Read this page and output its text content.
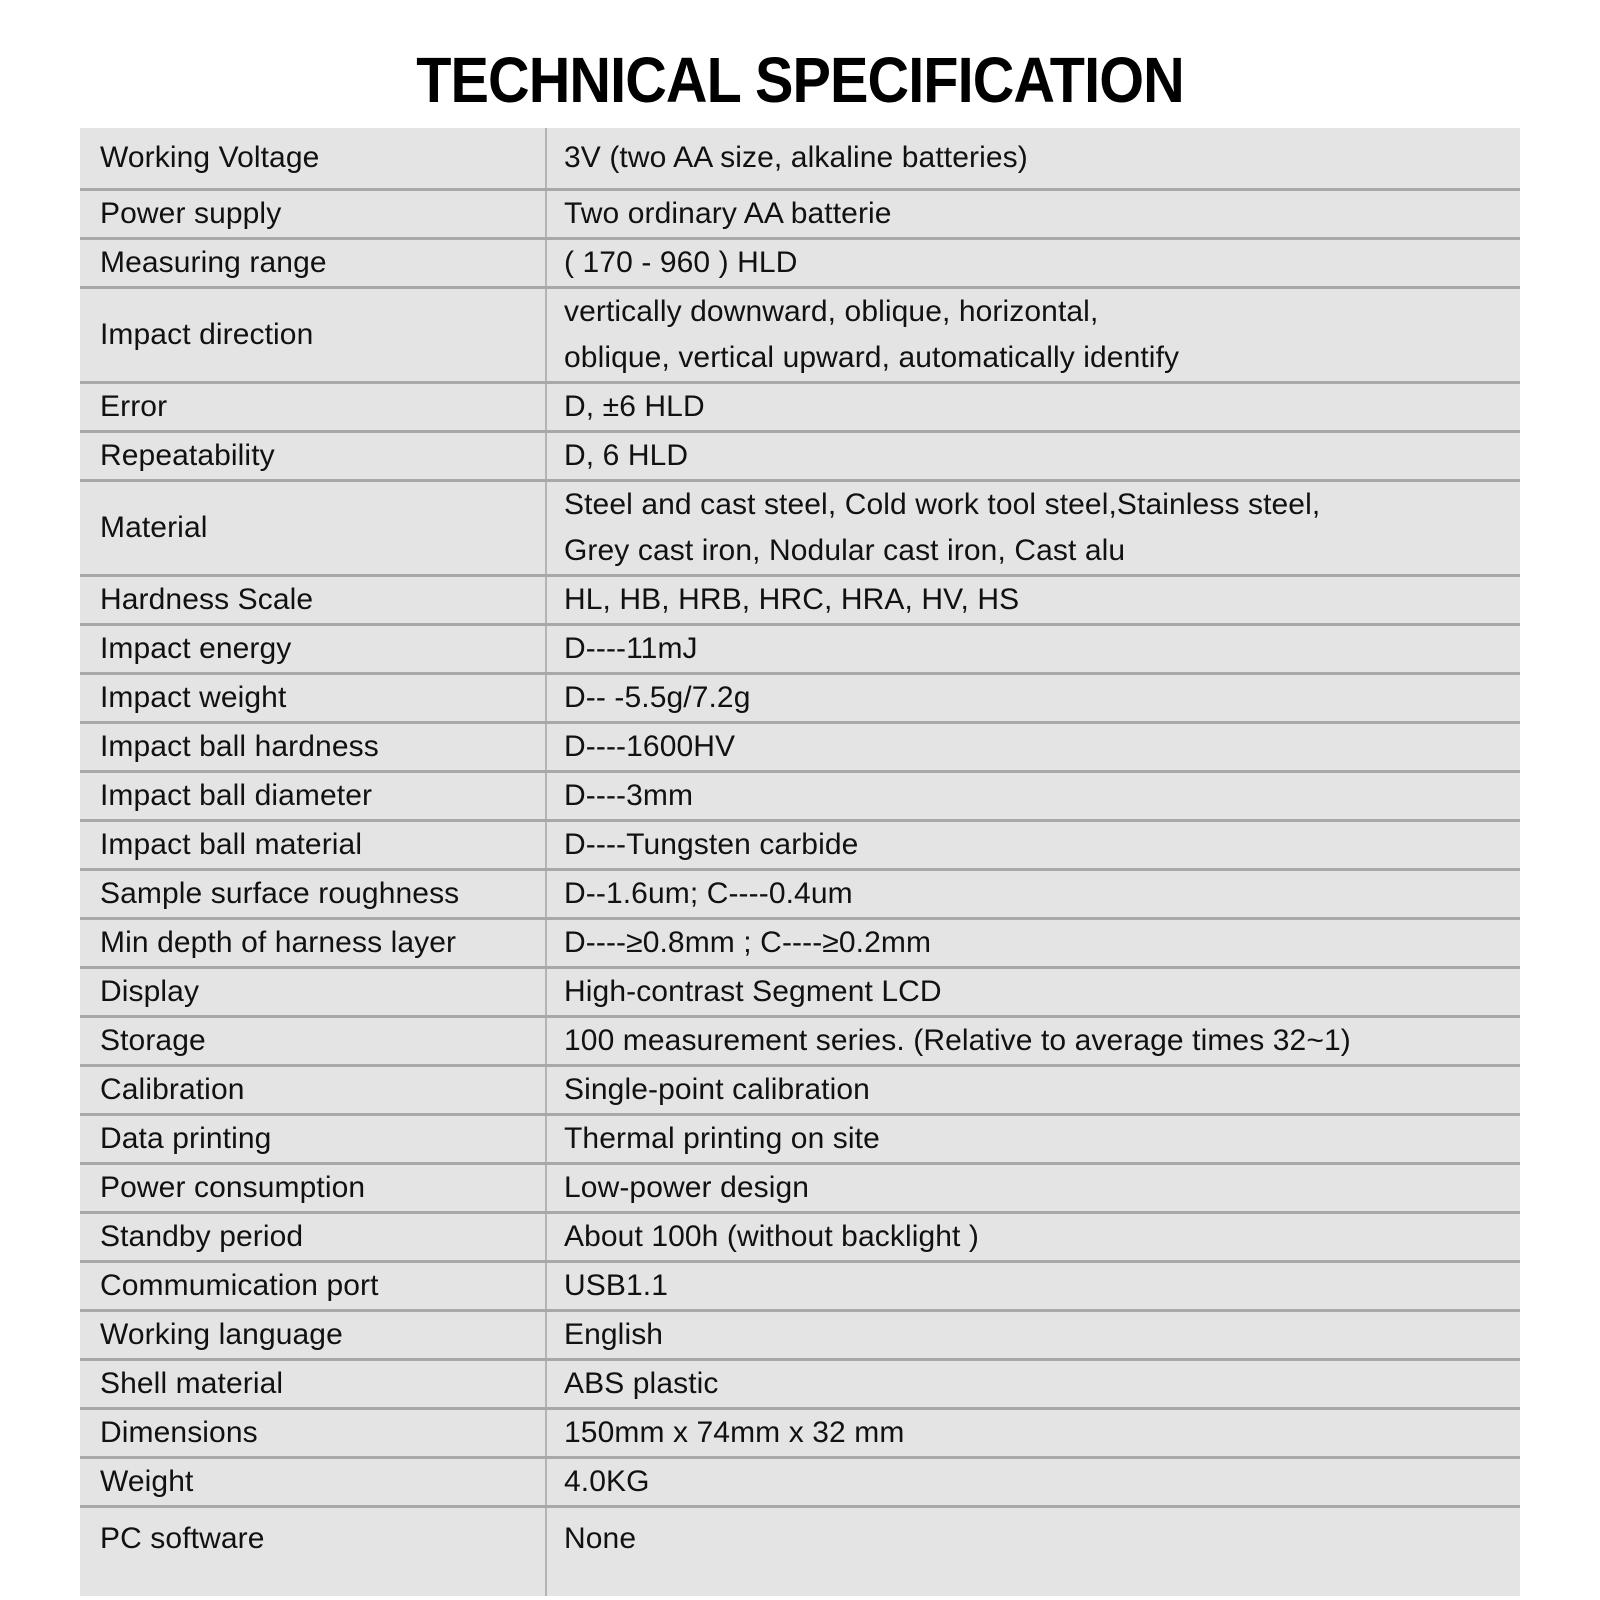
TECHNICAL SPECIFICATION
Working Voltage	3V (two AA size, alkaline batteries)
Power supply	Two ordinary AA batterie
Measuring range	( 170 - 960 ) HLD
Impact direction	vertically downward, oblique, horizontal,
oblique, vertical upward, automatically identify

Error	D, ±6 HLD
Repeatability	D, 6 HLD
Material	Steel and cast steel, Cold work tool steel,Stainless steel,
Grey cast iron, Nodular cast iron, Cast alu

Hardness Scale	HL, HB, HRB, HRC, HRA, HV, HS
Impact energy	D----11mJ
Impact weight	D-- -5.5g/7.2g
Impact ball hardness	D----1600HV
Impact ball diameter	D----3mm
Impact ball material	D----Tungsten carbide
Sample surface roughness	D--1.6um; C----0.4um
Min depth of harness layer	D----≥0.8mm ; C----≥0.2mm
Display	High-contrast Segment LCD
Storage	100 measurement series. (Relative to average times 32~1)
Calibration	Single-point calibration
Data printing	Thermal printing on site
Power consumption	Low-power design
Standby period	About 100h (without backlight )
Commumication port	USB1.1
Working language	English
Shell material	ABS plastic
Dimensions	150mm x 74mm x 32 mm
Weight	4.0KG
PC software	None
